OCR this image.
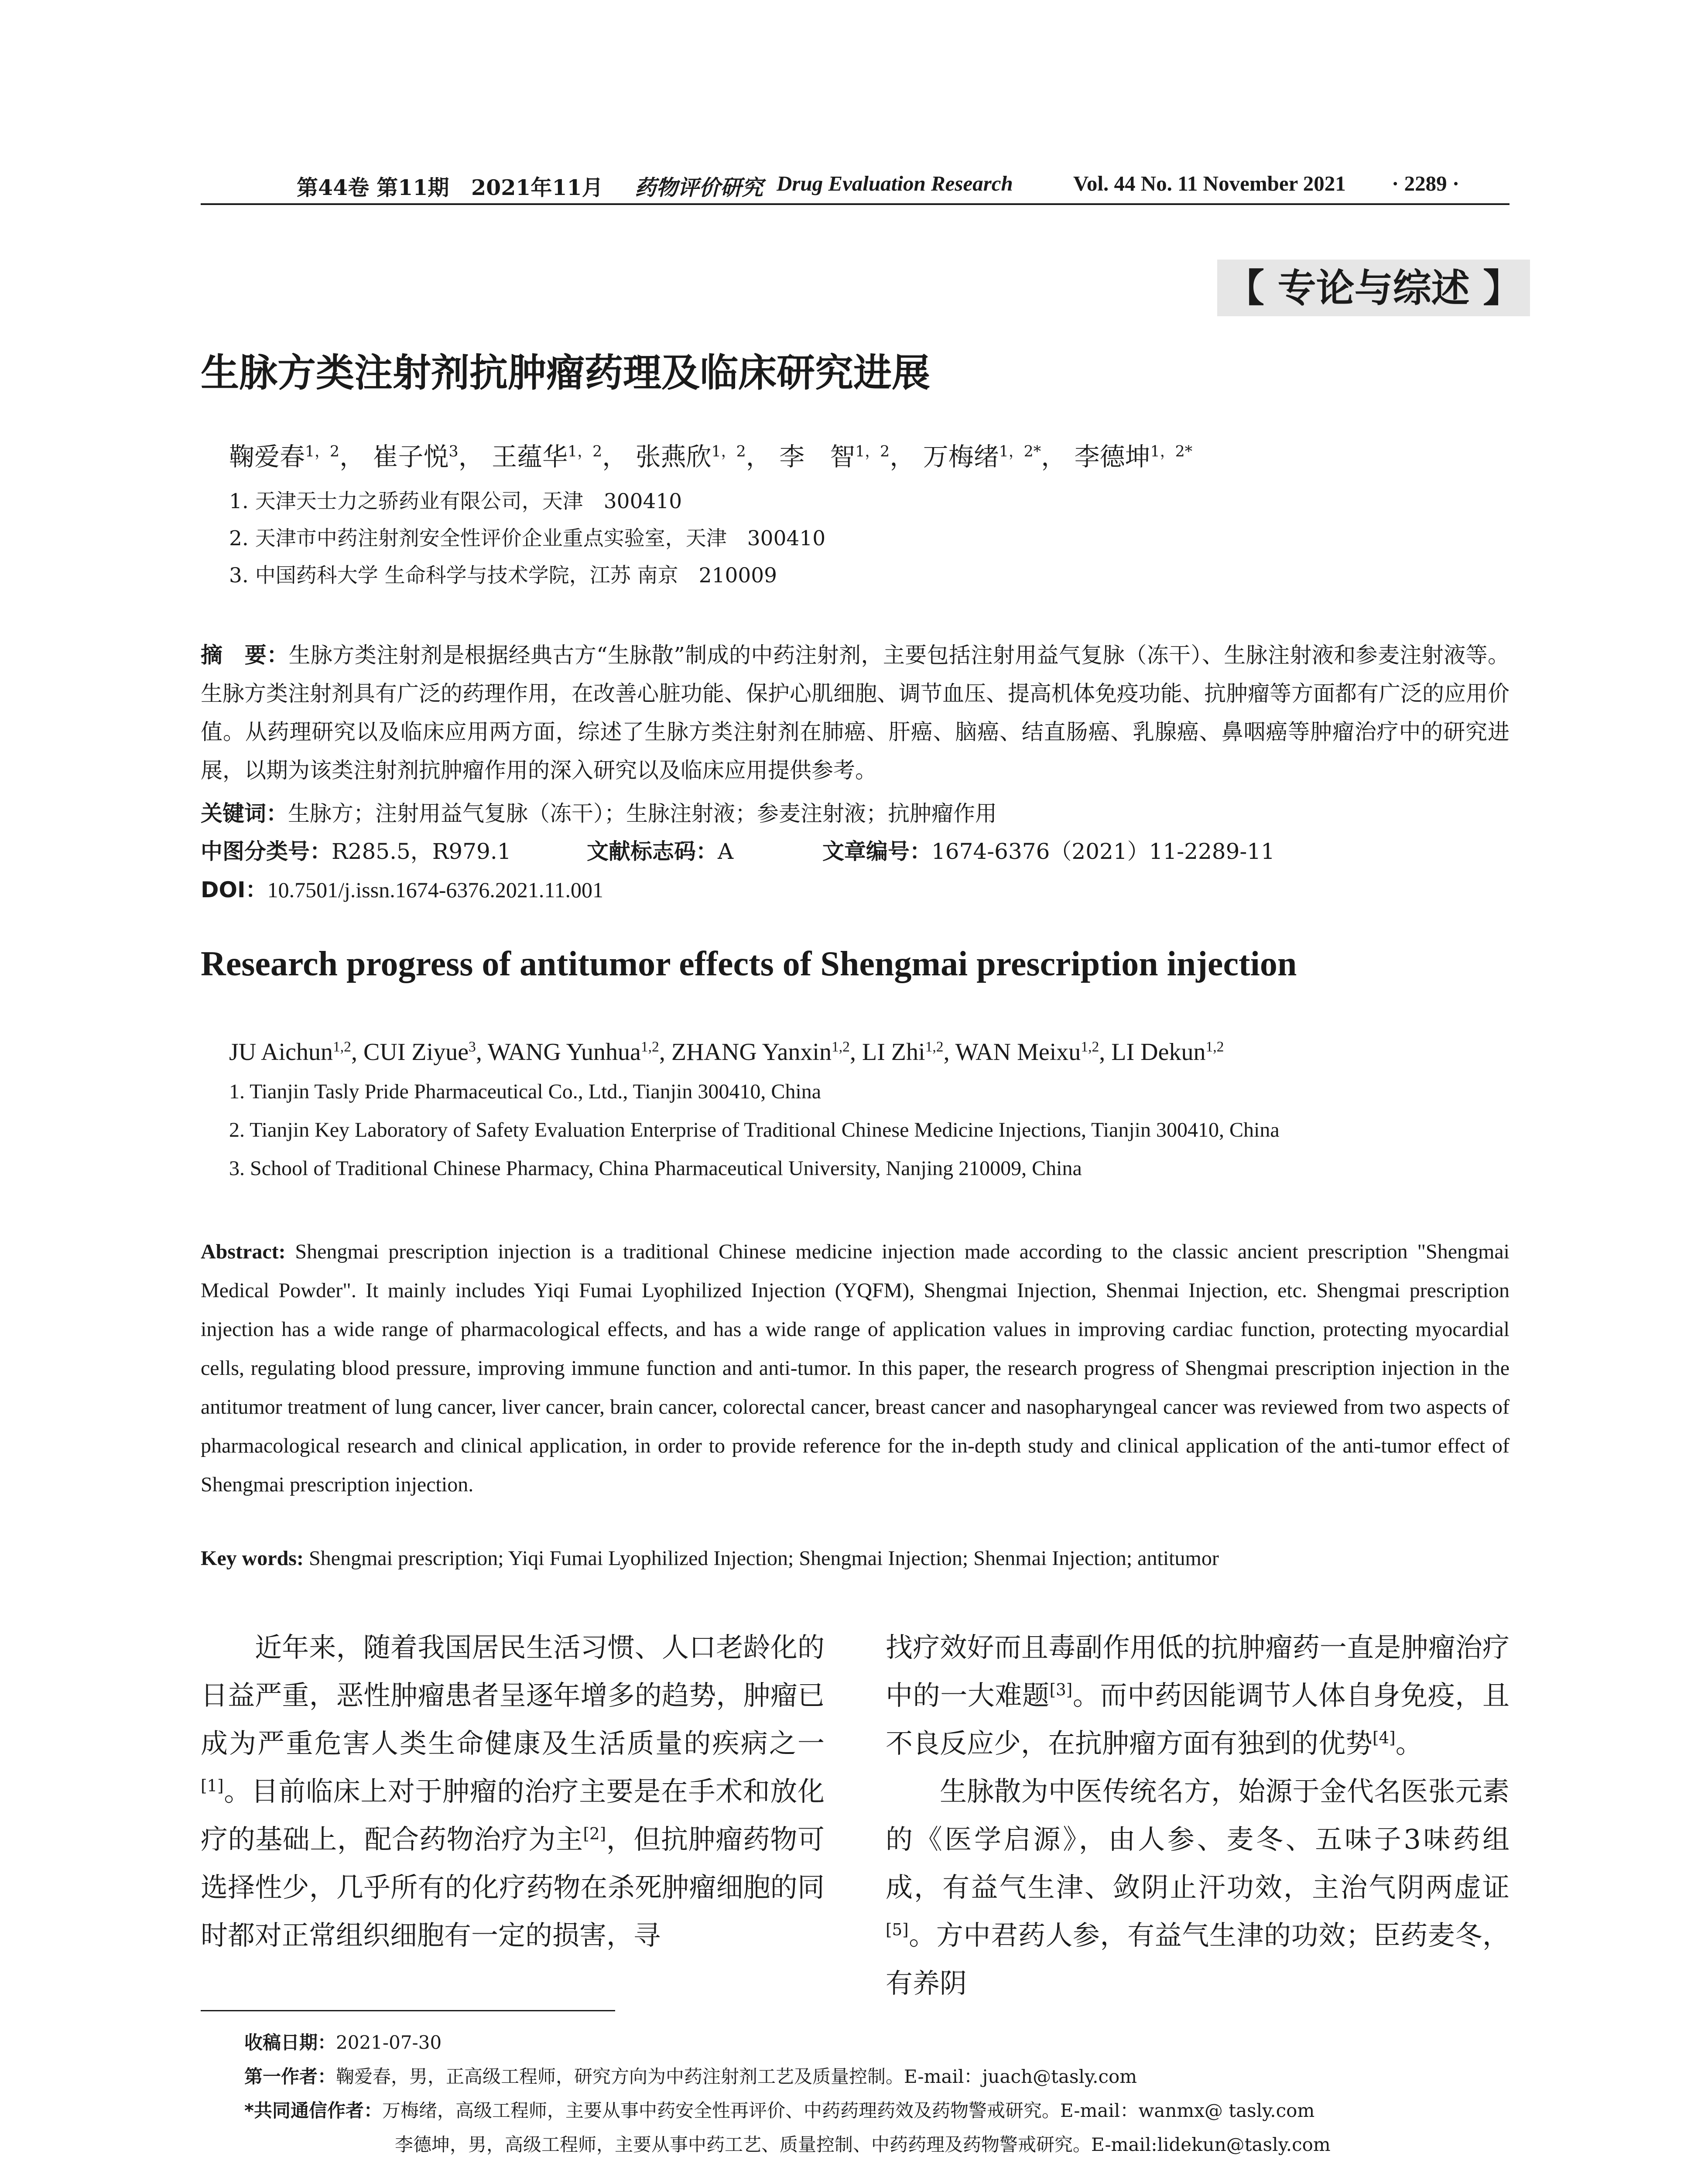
第44卷 第11期 2021年11月 药物评价研究 Drug Evaluation Research	Vol. 44 No. 11 November 2021 · 2289 ·
【 专论与综述 】
生脉方类注射剂抗肿瘤药理及临床研究进展
鞠爱春$^{1,2}$， 崔子悦$^3$， 王蕴华$^{1,2}$， 张燕欣$^{1,2}$， 李　智$^{1,2}$， 万梅绪$^{1,2*}$， 李德坤$^{1,2*}$
1. 天津天士力之骄药业有限公司，天津　300410
2. 天津市中药注射剂安全性评价企业重点实验室，天津　300410
3. 中国药科大学 生命科学与技术学院，江苏 南京　210009
摘　要：生脉方类注射剂是根据经典古方“生脉散”制成的中药注射剂，主要包括注射用益气复脉（冻干）、生脉注射液和参麦注射液等。生脉方类注射剂具有广泛的药理作用，在改善心脏功能、保护心肌细胞、调节血压、提高机体免疫功能、抗肿瘤等方面都有广泛的应用价值。从药理研究以及临床应用两方面，综述了生脉方类注射剂在肺癌、肝癌、脑癌、结直肠癌、乳腺癌、鼻咽癌等肿瘤治疗中的研究进展，以期为该类注射剂抗肿瘤作用的深入研究以及临床应用提供参考。
关键词：生脉方；注射用益气复脉（冻干）；生脉注射液；参麦注射液；抗肿瘤作用
中图分类号：R285.5，R979.1	文献标志码：A	文章编号：1674-6376（2021）11-2289-11
DOI：10.7501/j.issn.1674-6376.2021.11.001
Research progress of antitumor effects of Shengmai prescription injection
JU Aichun$^{1,2}$, CUI Ziyue$^3$, WANG Yunhua$^{1,2}$, ZHANG Yanxin$^{1,2}$, LI Zhi$^{1,2}$, WAN Meixu$^{1,2}$, LI Dekun$^{1,2}$
1. Tianjin Tasly Pride Pharmaceutical Co., Ltd., Tianjin 300410, China
2. Tianjin Key Laboratory of Safety Evaluation Enterprise of Traditional Chinese Medicine Injections, Tianjin 300410, China
3. School of Traditional Chinese Pharmacy, China Pharmaceutical University, Nanjing 210009, China
Abstract: Shengmai prescription injection is a traditional Chinese medicine injection made according to the classic ancient prescription "Shengmai Medical Powder". It mainly includes Yiqi Fumai Lyophilized Injection (YQFM), Shengmai Injection, Shenmai Injection, etc. Shengmai prescription injection has a wide range of pharmacological effects, and has a wide range of application values in improving cardiac function, protecting myocardial cells, regulating blood pressure, improving immune function and anti-tumor. In this paper, the research progress of Shengmai prescription injection in the antitumor treatment of lung cancer, liver cancer, brain cancer, colorectal cancer, breast cancer and nasopharyngeal cancer was reviewed from two aspects of pharmacological research and clinical application, in order to provide reference for the in-depth study and clinical application of the anti-tumor effect of Shengmai prescription injection.
Key words: Shengmai prescription; Yiqi Fumai Lyophilized Injection; Shengmai Injection; Shenmai Injection; antitumor

近年来，随着我国居民生活习惯、人口老龄化的日益严重，恶性肿瘤患者呈逐年增多的趋势，肿瘤已成为严重危害人类生命健康及生活质量的疾病之一[1]。目前临床上对于肿瘤的治疗主要是在手术和放化疗的基础上，配合药物治疗为主[2]，但抗肿瘤药物可选择性少，几乎所有的化疗药物在杀死肿瘤细胞的同时都对正常组织细胞有一定的损害，寻

找疗效好而且毒副作用低的抗肿瘤药一直是肿瘤治疗中的一大难题[3]。而中药因能调节人体自身免疫，且不良反应少，在抗肿瘤方面有独到的优势[4]。

生脉散为中医传统名方，始源于金代名医张元素的《医学启源》，由人参、麦冬、五味子3味药组成，有益气生津、敛阴止汗功效，主治气阴两虚证[5]。方中君药人参，有益气生津的功效；臣药麦冬，有养阴

收稿日期：2021-07-30
第一作者：鞠爱春，男，正高级工程师，研究方向为中药注射剂工艺及质量控制。E-mail：juach@tasly.com
*共同通信作者：万梅绪，高级工程师，主要从事中药安全性再评价、中药药理药效及药物警戒研究。E-mail：wanmx@ tasly.com
李德坤，男，高级工程师，主要从事中药工艺、质量控制、中药药理及药物警戒研究。E-mail:lidekun@tasly.com
